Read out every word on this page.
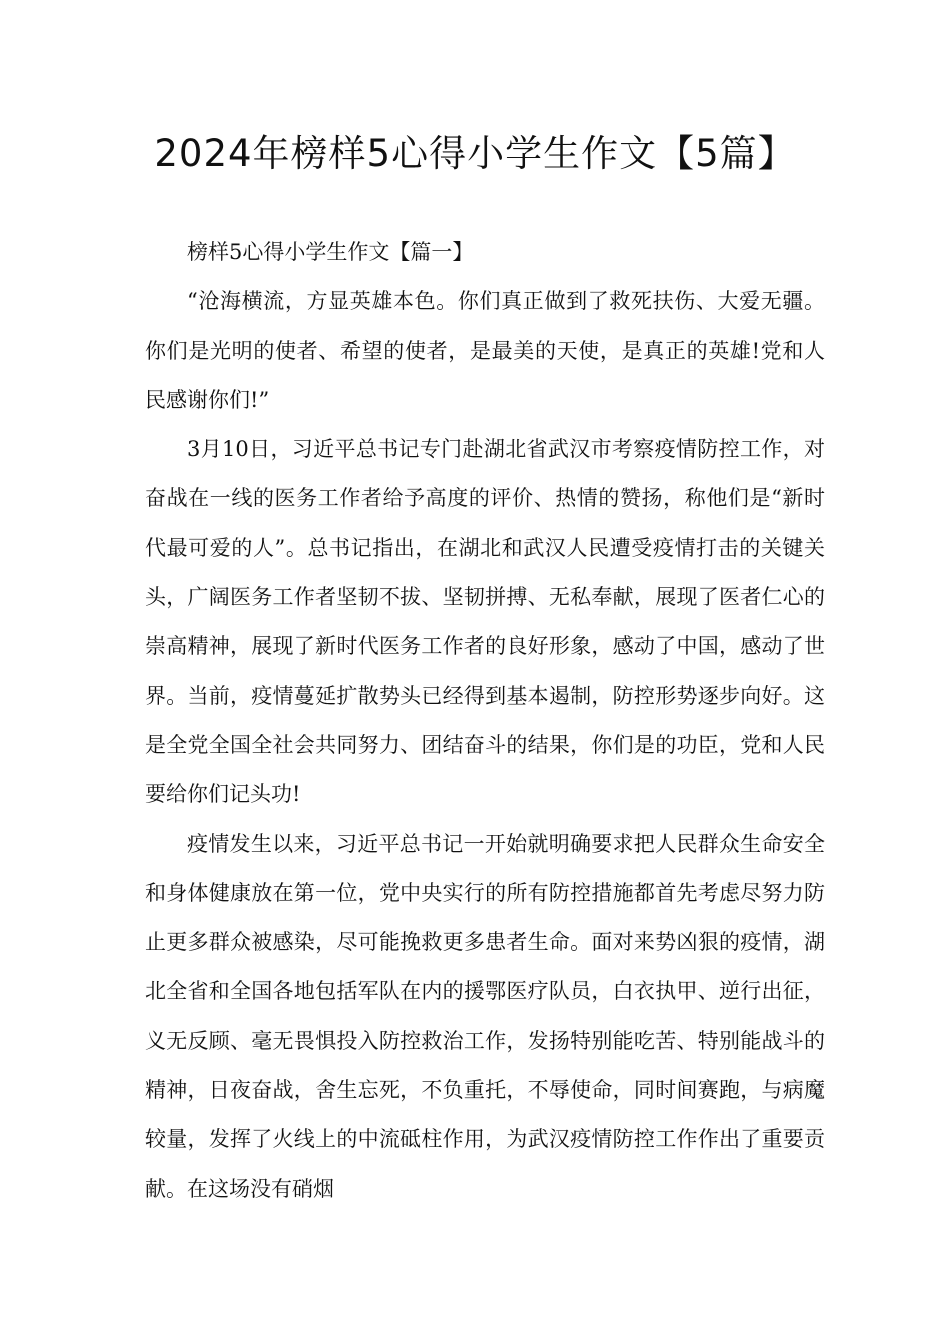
2024年榜样5心得小学生作文【5篇】

榜样5心得小学生作文【篇一】

“沧海横流，方显英雄本色。你们真正做到了救死扶伤、大爱无疆。你们是光明的使者、希望的使者，是最美的天使，是真正的英雄!党和人民感谢你们!”

3月10日，习近平总书记专门赴湖北省武汉市考察疫情防控工作，对奋战在一线的医务工作者给予高度的评价、热情的赞扬，称他们是“新时代最可爱的人”。总书记指出，在湖北和武汉人民遭受疫情打击的关键关头，广阔医务工作者坚韧不拔、坚韧拼搏、无私奉献，展现了医者仁心的崇高精神，展现了新时代医务工作者的良好形象，感动了中国，感动了世界。当前，疫情蔓延扩散势头已经得到基本遏制，防控形势逐步向好。这是全党全国全社会共同努力、团结奋斗的结果，你们是的功臣，党和人民要给你们记头功!

疫情发生以来，习近平总书记一开始就明确要求把人民群众生命安全和身体健康放在第一位，党中央实行的所有防控措施都首先考虑尽努力防止更多群众被感染，尽可能挽救更多患者生命。面对来势凶狠的疫情，湖北全省和全国各地包括军队在内的援鄂医疗队员，白衣执甲、逆行出征，义无反顾、毫无畏惧投入防控救治工作，发扬特别能吃苦、特别能战斗的精神，日夜奋战，舍生忘死，不负重托，不辱使命，同时间赛跑，与病魔较量，发挥了火线上的中流砥柱作用，为武汉疫情防控工作作出了重要贡献。在这场没有硝烟
